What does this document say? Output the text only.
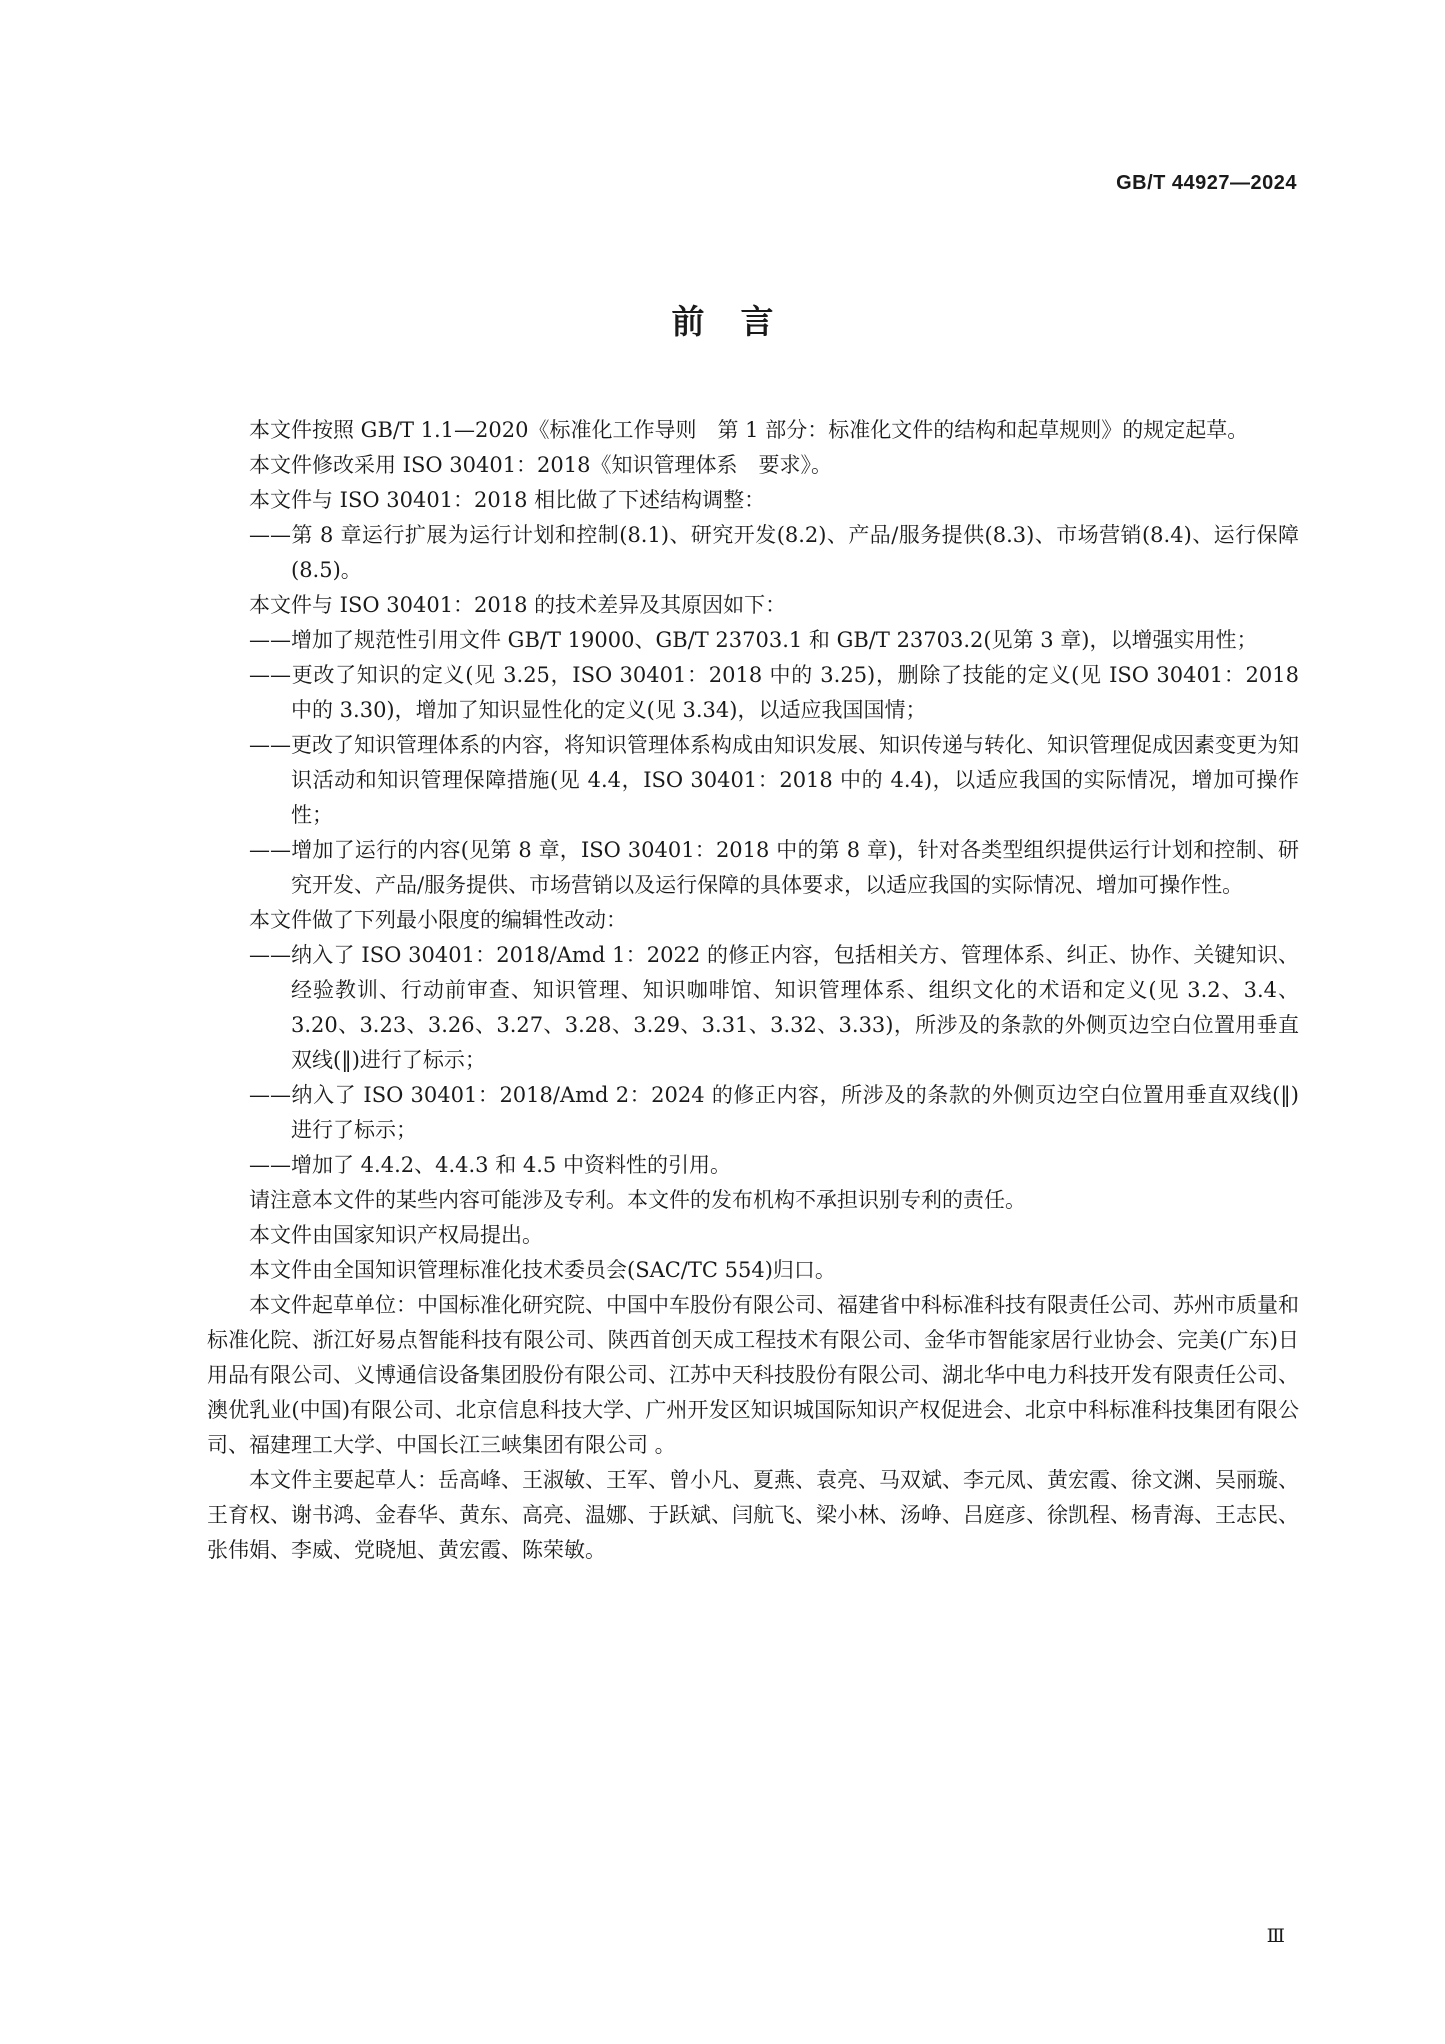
GB/T 44927—2024
前言

本文件按照 GB/T 1.1—2020《标准化工作导则　第 1 部分：标准化文件的结构和起草规则》的规定起草。

本文件修改采用 ISO 30401：2018《知识管理体系　要求》。

本文件与 ISO 30401：2018 相比做了下述结构调整：

——第 8 章运行扩展为运行计划和控制(8.1)、研究开发(8.2)、产品/服务提供(8.3)、市场营销(8.4)、运行保障(8.5)。

本文件与 ISO 30401：2018 的技术差异及其原因如下：

——增加了规范性引用文件 GB/T 19000、GB/T 23703.1 和 GB/T 23703.2(见第 3 章)，以增强实用性；

——更改了知识的定义(见 3.25，ISO 30401：2018 中的 3.25)，删除了技能的定义(见 ISO 30401：2018 中的 3.30)，增加了知识显性化的定义(见 3.34)，以适应我国国情；

——更改了知识管理体系的内容，将知识管理体系构成由知识发展、知识传递与转化、知识管理促成因素变更为知识活动和知识管理保障措施(见 4.4，ISO 30401：2018 中的 4.4)，以适应我国的实际情况，增加可操作性；

——增加了运行的内容(见第 8 章，ISO 30401：2018 中的第 8 章)，针对各类型组织提供运行计划和控制、研究开发、产品/服务提供、市场营销以及运行保障的具体要求，以适应我国的实际情况、增加可操作性。

本文件做了下列最小限度的编辑性改动：

——纳入了 ISO 30401：2018/Amd 1：2022 的修正内容，包括相关方、管理体系、纠正、协作、关键知识、经验教训、行动前审查、知识管理、知识咖啡馆、知识管理体系、组织文化的术语和定义(见 3.2、3.4、3.20、3.23、3.26、3.27、3.28、3.29、3.31、3.32、3.33)，所涉及的条款的外侧页边空白位置用垂直双线(‖)进行了标示；

——纳入了 ISO 30401：2018/Amd 2：2024 的修正内容，所涉及的条款的外侧页边空白位置用垂直双线(‖)进行了标示；

——增加了 4.4.2、4.4.3 和 4.5 中资料性的引用。

请注意本文件的某些内容可能涉及专利。本文件的发布机构不承担识别专利的责任。

本文件由国家知识产权局提出。

本文件由全国知识管理标准化技术委员会(SAC/TC 554)归口。

本文件起草单位：中国标准化研究院、中国中车股份有限公司、福建省中科标准科技有限责任公司、苏州市质量和标准化院、浙江好易点智能科技有限公司、陕西首创天成工程技术有限公司、金华市智能家居行业协会、完美(广东)日用品有限公司、义博通信设备集团股份有限公司、江苏中天科技股份有限公司、湖北华中电力科技开发有限责任公司、澳优乳业(中国)有限公司、北京信息科技大学、广州开发区知识城国际知识产权促进会、北京中科标准科技集团有限公司、福建理工大学、中国长江三峡集团有限公司 。

本文件主要起草人：岳高峰、王淑敏、王军、曾小凡、夏燕、袁亮、马双斌、李元凤、黄宏霞、徐文渊、吴丽璇、王育权、谢书鸿、金春华、黄东、高亮、温娜、于跃斌、闫航飞、梁小林、汤峥、吕庭彦、徐凯程、杨青海、王志民、张伟娟、李威、党晓旭、黄宏霞、陈荣敏。

Ⅲ
